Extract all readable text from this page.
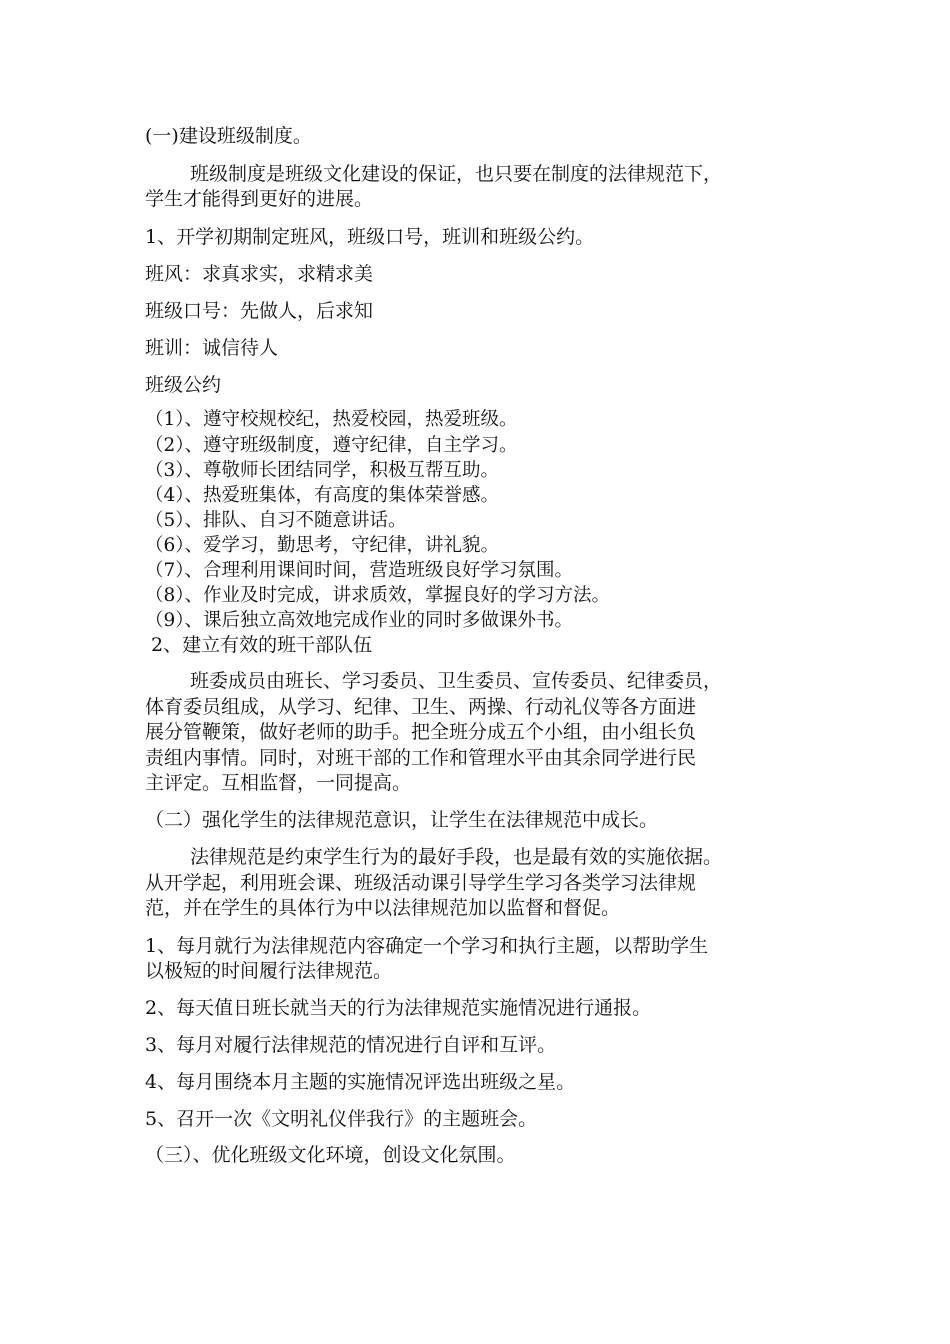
(一)建设班级制度。
班级制度是班级文化建设的保证，也只要在制度的法律规范下，
学生才能得到更好的进展。
1、开学初期制定班风，班级口号，班训和班级公约。
班风：求真求实，求精求美
班级口号：先做人，后求知
班训：诚信待人
班级公约
（1）、遵守校规校纪，热爱校园，热爱班级。
（2）、遵守班级制度，遵守纪律，自主学习。
（3）、尊敬师长团结同学，积极互帮互助。
（4）、热爱班集体，有高度的集体荣誉感。
（5）、排队、自习不随意讲话。
（6）、爱学习，勤思考，守纪律，讲礼貌。
（7）、合理利用课间时间，营造班级良好学习氛围。
（8）、作业及时完成，讲求质效，掌握良好的学习方法。
（9）、课后独立高效地完成作业的同时多做课外书。
2、建立有效的班干部队伍
班委成员由班长、学习委员、卫生委员、宣传委员、纪律委员，
体育委员组成，从学习、纪律、卫生、两操、行动礼仪等各方面进
展分管鞭策，做好老师的助手。把全班分成五个小组，由小组长负
责组内事情。同时，对班干部的工作和管理水平由其余同学进行民
主评定。互相监督，一同提高。
（二）强化学生的法律规范意识，让学生在法律规范中成长。
法律规范是约束学生行为的最好手段，也是最有效的实施依据。
从开学起，利用班会课、班级活动课引导学生学习各类学习法律规
范，并在学生的具体行为中以法律规范加以监督和督促。
1、每月就行为法律规范内容确定一个学习和执行主题，以帮助学生
以极短的时间履行法律规范。
2、每天值日班长就当天的行为法律规范实施情况进行通报。
3、每月对履行法律规范的情况进行自评和互评。
4、每月围绕本月主题的实施情况评选出班级之星。
5、召开一次《文明礼仪伴我行》的主题班会。
（三）、优化班级文化环境，创设文化氛围。
